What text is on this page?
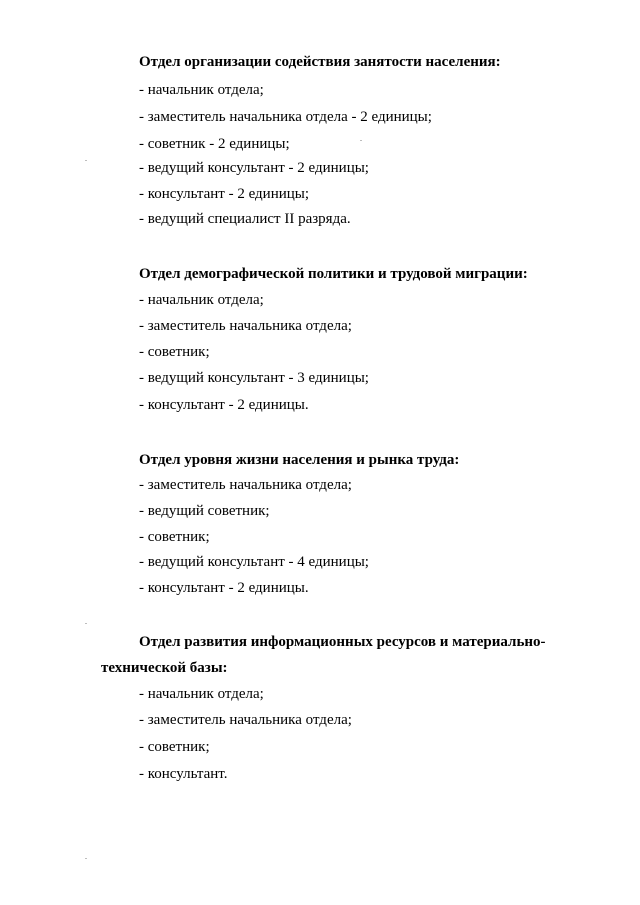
Отдел организации содействия занятости населения:
- начальник отдела;
- заместитель начальника отдела - 2 единицы;
- советник - 2 единицы;
- ведущий консультант - 2 единицы;
- консультант - 2 единицы;
- ведущий специалист II разряда.
Отдел демографической политики и трудовой миграции:
- начальник отдела;
- заместитель начальника отдела;
- советник;
- ведущий консультант - 3 единицы;
- консультант - 2 единицы.
Отдел уровня жизни населения и рынка труда:
- заместитель начальника отдела;
- ведущий советник;
- советник;
- ведущий консультант - 4 единицы;
- консультант - 2 единицы.
Отдел развития информационных ресурсов и материально-
технической базы:
- начальник отдела;
- заместитель начальника отдела;
- советник;
- консультант.
